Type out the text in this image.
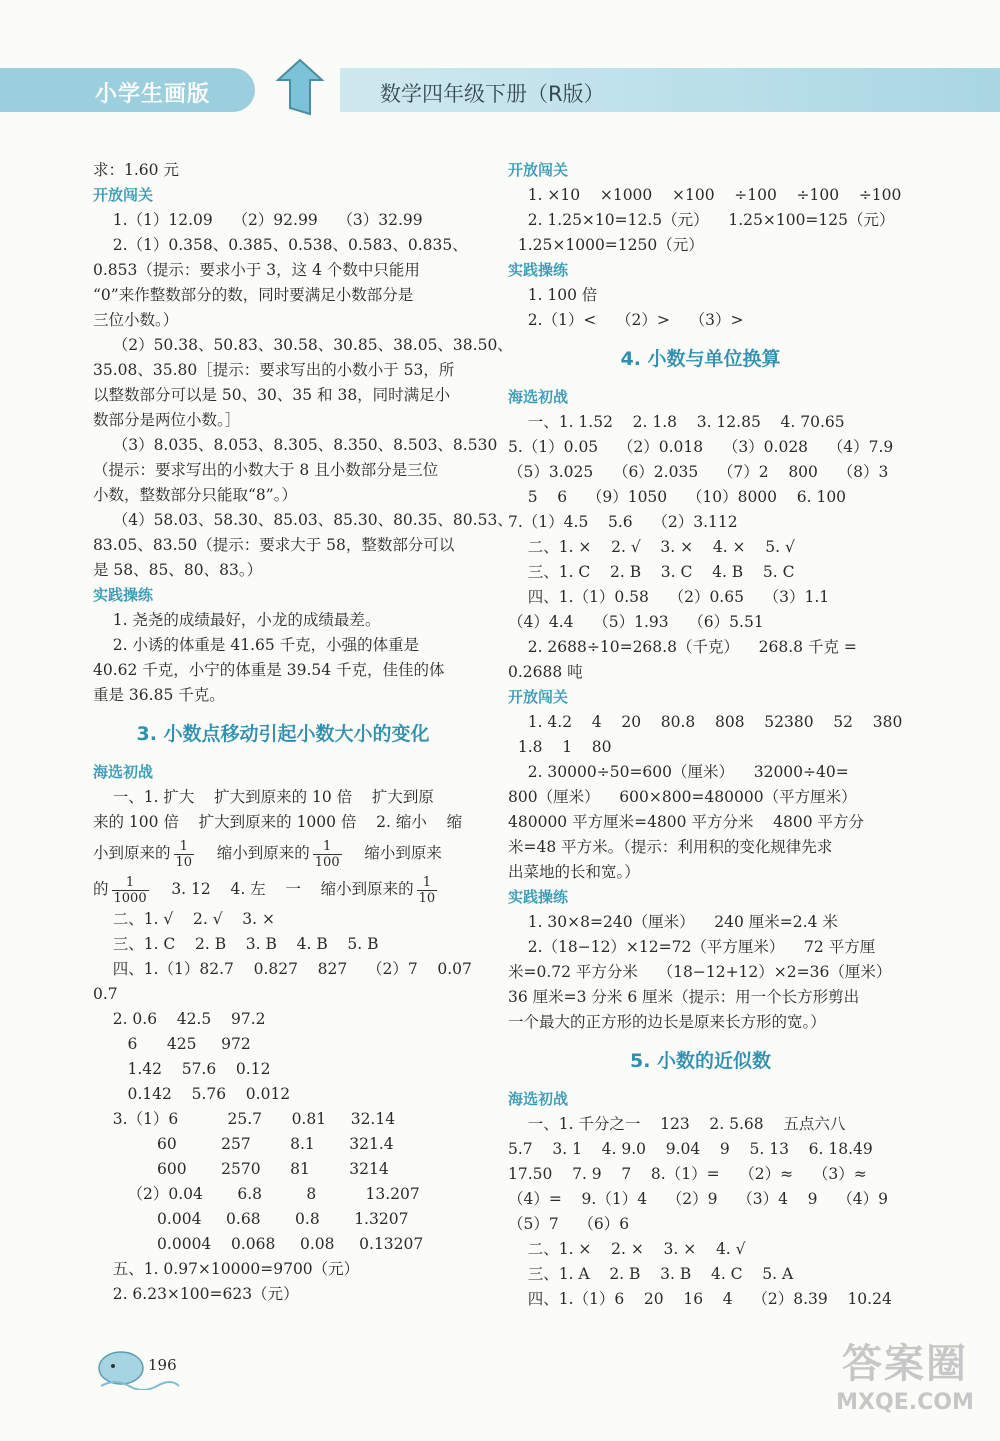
小学生画版	数学四年级下册（R版）
求：1.60 元
开放闯关
1.（1）12.09    （2）92.99    （3）32.99
2.（1）0.358、0.385、0.538、0.583、0.835、
0.853（提示：要求小于 3，这 4 个数中只能用
“0”来作整数部分的数，同时要满足小数部分是
三位小数。）
（2）50.38、50.83、30.58、30.85、38.05、38.50、
35.08、35.80［提示：要求写出的小数小于 53，所
以整数部分可以是 50、30、35 和 38，同时满足小
数部分是两位小数。］
（3）8.035、8.053、8.305、8.350、8.503、8.530
（提示：要求写出的小数大于 8 且小数部分是三位
小数，整数部分只能取“8”。）
（4）58.03、58.30、85.03、85.30、80.35、80.53、
83.05、83.50（提示：要求大于 58，整数部分可以
是 58、85、80、83。）
实践操练
1. 尧尧的成绩最好，小龙的成绩最差。
2. 小诱的体重是 41.65 千克，小强的体重是
40.62 千克，小宁的体重是 39.54 千克，佳佳的体
重是 36.85 千克。
3. 小数点移动引起小数大小的变化
海选初战
一、1. 扩大    扩大到原来的 10 倍    扩大到原
来的 100 倍    扩大到原来的 1000 倍    2. 缩小    缩
小到原来的 $\frac{1}{10}$ 缩小到原来的 $\frac{1}{100}$ 缩小到原来
的 $\frac{1}{1000} 3$. 12    4. 左    一    缩小到原来的 $\frac{1}{10}$
二、1. √    2. √    3. ×
三、1. C    2. B    3. B    4. B    5. B
四、1.（1）82.7    0.827    827    （2）7    0.07
0.7
2. 0.6    42.5    97.2
6      425     972
1.42    57.6    0.12
0.142    5.76    0.012
3.（1）6          25.7      0.81     32.14
60         257        8.1       321.4
600       2570      81        3214
（2）0.04       6.8         8          13.207
0.004     0.68       0.8       1.3207
0.0004    0.068     0.08     0.13207
五、1. 0.97×10000=9700（元）
2. 6.23×100=623（元）
开放闯关
1. ×10    ×1000    ×100    ÷100    ÷100    ÷100
2. 1.25×10=12.5（元）    1.25×100=125（元）
1.25×1000=1250（元）
实践操练
1. 100 倍
2.（1）<    （2）>    （3）>
4. 小数与单位换算
海选初战
一、1. 1.52    2. 1.8    3. 12.85    4. 70.65
5.（1）0.05    （2）0.018    （3）0.028    （4）7.9
（5）3.025    （6）2.035    （7）2    800    （8）3
5    6    （9）1050    （10）8000    6. 100
7.（1）4.5    5.6    （2）3.112
二、1. ×    2. √    3. ×    4. ×    5. √
三、1. C    2. B    3. C    4. B    5. C
四、1.（1）0.58    （2）0.65    （3）1.1
（4）4.4    （5）1.93    （6）5.51
2. 2688÷10=268.8（千克）    268.8 千克 =
0.2688 吨
开放闯关
1. 4.2    4    20    80.8    808    52380    52    380
1.8    1    80
2. 30000÷50=600（厘米）    32000÷40=
800（厘米）    600×800=480000（平方厘米）
480000 平方厘米=4800 平方分米    4800 平方分
米=48 平方米。（提示：利用积的变化规律先求
出菜地的长和宽。）
实践操练
1. 30×8=240（厘米）    240 厘米=2.4 米
2.（18−12）×12=72（平方厘米）    72 平方厘
米=0.72 平方分米    （18−12+12）×2=36（厘米）
36 厘米=3 分米 6 厘米（提示：用一个长方形剪出
一个最大的正方形的边长是原来长方形的宽。）
5. 小数的近似数
海选初战
一、1. 千分之一    123    2. 5.68    五点六八
5.7    3. 1    4. 9.0    9.04    9    5. 13    6. 18.49
17.50    7. 9    7    8.（1）=    （2）≈    （3）≈
（4）=    9.（1）4    （2）9    （3）4    9    （4）9
（5）7    （6）6
二、1. ×    2. ×    3. ×    4. √
三、1. A    2. B    3. B    4. C    5. A
四、1.（1）6    20    16    4    （2）8.39    10.24
196	答案圈
MXQE.COM
